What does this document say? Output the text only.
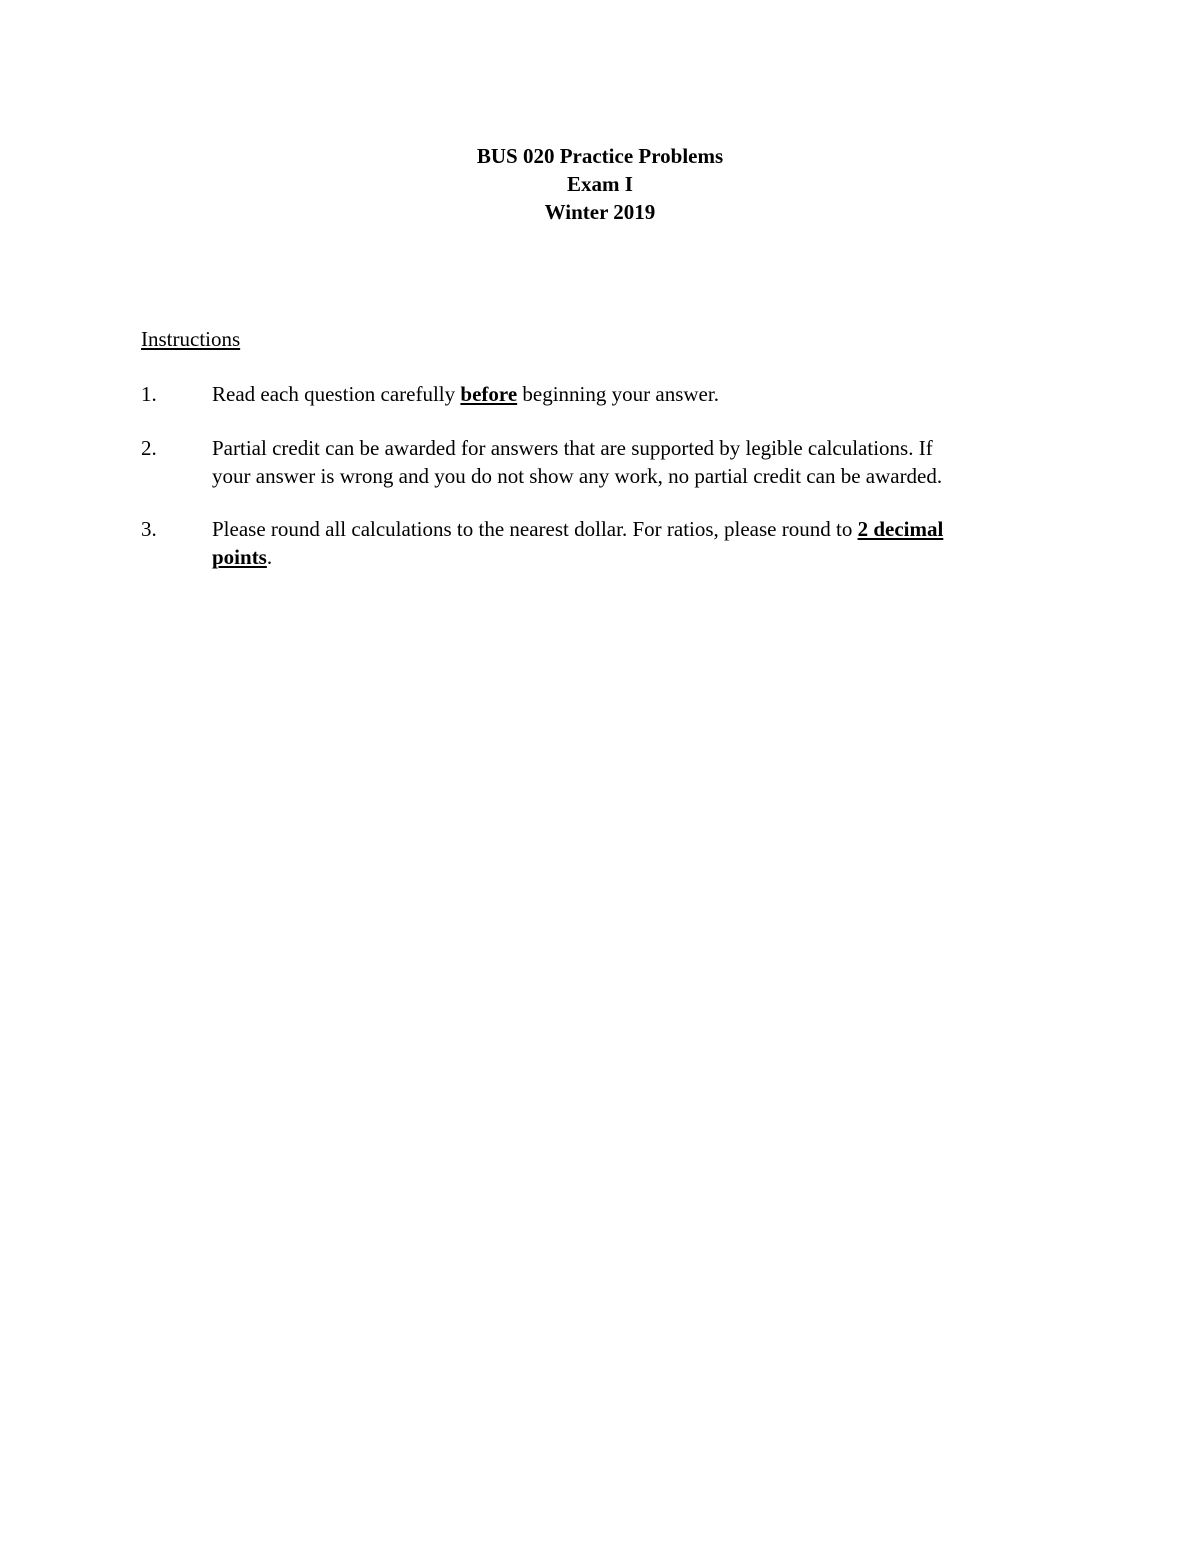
BUS 020 Practice Problems
Exam I
Winter 2019
Instructions
1.	Read each question carefully before beginning your answer.
2.	Partial credit can be awarded for answers that are supported by legible calculations. If
your answer is wrong and you do not show any work, no partial credit can be awarded.
3.	Please round all calculations to the nearest dollar. For ratios, please round to 2 decimal
points.
